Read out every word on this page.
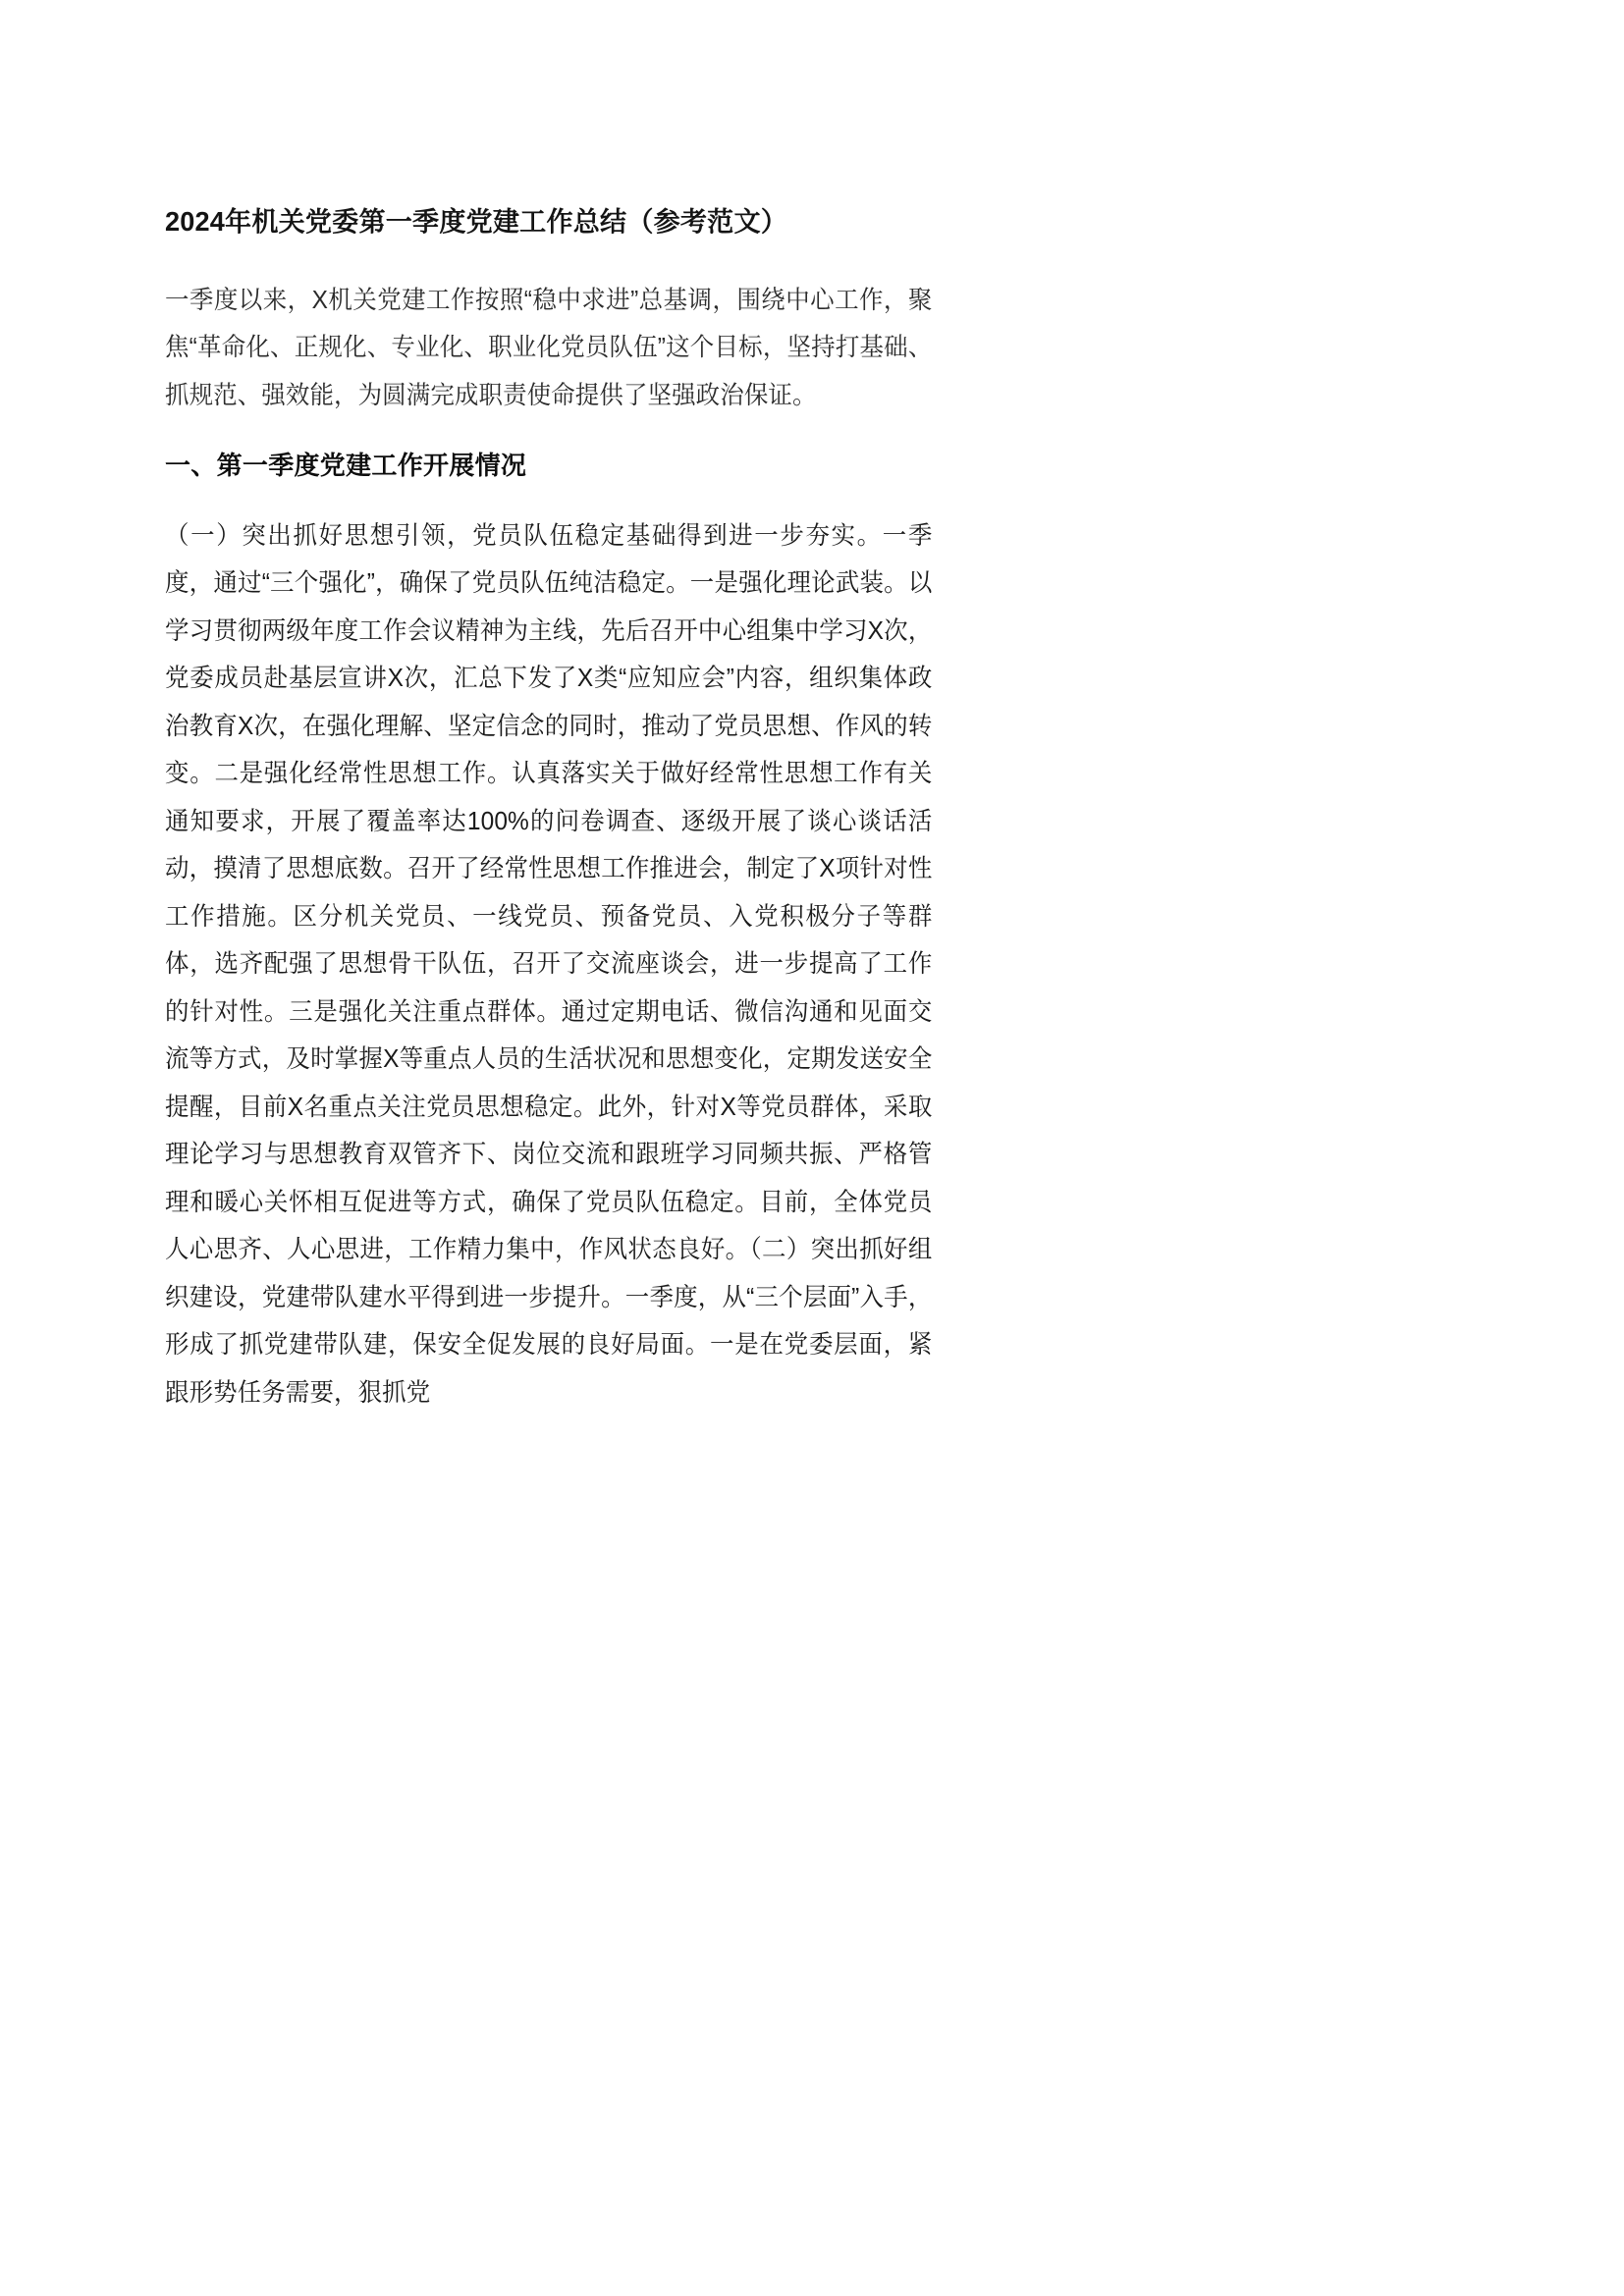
2024年机关党委第一季度党建工作总结（参考范文）

一季度以来，X机关党建工作按照“稳中求进”总基调，围绕中心工作，聚焦“革命化、正规化、专业化、职业化党员队伍”这个目标，坚持打基础、抓规范、强效能，为圆满完成职责使命提供了坚强政治保证。

一、第一季度党建工作开展情况

（一）突出抓好思想引领，党员队伍稳定基础得到进一步夯实。一季度，通过“三个强化”，确保了党员队伍纯洁稳定。一是强化理论武装。以学习贯彻两级年度工作会议精神为主线，先后召开中心组集中学习X次，党委成员赴基层宣讲X次，汇总下发了X类“应知应会”内容，组织集体政治教育X次，在强化理解、坚定信念的同时，推动了党员思想、作风的转变。二是强化经常性思想工作。认真落实关于做好经常性思想工作有关通知要求，开展了覆盖率达100%的问卷调查、逐级开展了谈心谈话活动，摸清了思想底数。召开了经常性思想工作推进会，制定了X项针对性工作措施。区分机关党员、一线党员、预备党员、入党积极分子等群体，选齐配强了思想骨干队伍，召开了交流座谈会，进一步提高了工作的针对性。三是强化关注重点群体。通过定期电话、微信沟通和见面交流等方式，及时掌握X等重点人员的生活状况和思想变化，定期发送安全提醒，目前X名重点关注党员思想稳定。此外，针对X等党员群体，采取理论学习与思想教育双管齐下、岗位交流和跟班学习同频共振、严格管理和暖心关怀相互促进等方式，确保了党员队伍稳定。目前，全体党员人心思齐、人心思进，工作精力集中，作风状态良好。（二）突出抓好组织建设，党建带队建水平得到进一步提升。一季度，从“三个层面”入手，形成了抓党建带队建，保安全促发展的良好局面。一是在党委层面，紧跟形势任务需要，狠抓党
